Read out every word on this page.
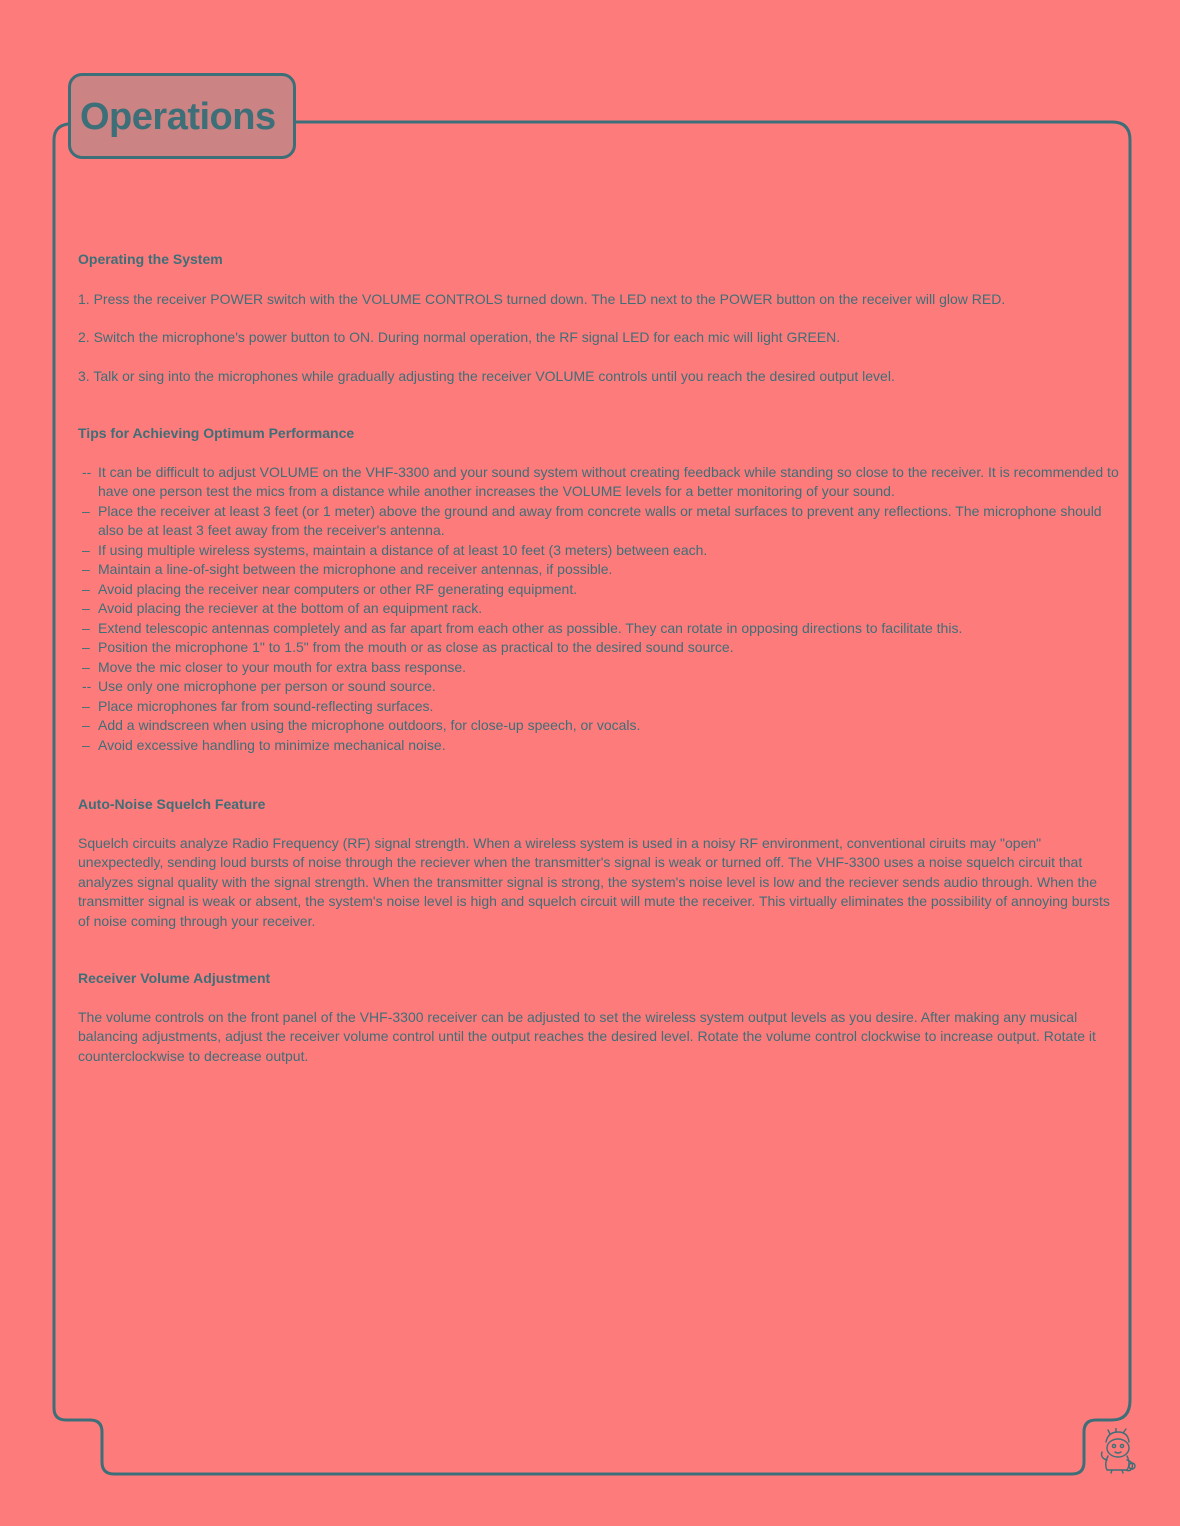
Operations
Operating the System
1. Press the receiver POWER switch with the VOLUME CONTROLS turned down. The LED next to the POWER button on the receiver will glow RED.
2. Switch the microphone's power button to ON. During normal operation, the RF signal LED for each mic will light GREEN.
3. Talk or sing into the microphones while gradually adjusting the receiver VOLUME controls until you reach the desired output level.
Tips for Achieving Optimum Performance
-- It can be difficult to adjust VOLUME on the VHF-3300 and your sound system without creating feedback while standing so close to the receiver. It is recommended to have one person test the mics from a distance while another increases the VOLUME levels for a better monitoring of your sound.
– Place the receiver at least 3 feet (or 1 meter) above the ground and away from concrete walls or metal surfaces to prevent any reflections. The microphone should also be at least 3 feet away from the receiver's antenna.
– If using multiple wireless systems, maintain a distance of at least 10 feet (3 meters) between each.
– Maintain a line-of-sight between the microphone and receiver antennas, if possible.
– Avoid placing the receiver near computers or other RF generating equipment.
– Avoid placing the reciever at the bottom of an equipment rack.
– Extend telescopic antennas completely and as far apart from each other as possible. They can rotate in opposing directions to facilitate this.
– Position the microphone 1" to 1.5" from the mouth or as close as practical to the desired sound source.
– Move the mic closer to your mouth for extra bass response.
-- Use only one microphone per person or sound source.
– Place microphones far from sound-reflecting surfaces.
– Add a windscreen when using the microphone outdoors, for close-up speech, or vocals.
– Avoid excessive handling to minimize mechanical noise.
Auto-Noise Squelch Feature
Squelch circuits analyze Radio Frequency (RF) signal strength. When a wireless system is used in a noisy RF environment, conventional ciruits may "open" unexpectedly, sending loud bursts of noise through the reciever when the transmitter's signal is weak or turned off. The VHF-3300 uses a noise squelch circuit that analyzes signal quality with the signal strength. When the transmitter signal is strong, the system's noise level is low and the reciever sends audio through. When the transmitter signal is weak or absent, the system's noise level is high and squelch circuit will mute the receiver. This virtually eliminates the possibility of annoying bursts of noise coming through your receiver.
Receiver Volume Adjustment
The volume controls on the front panel of the VHF-3300 receiver can be adjusted to set the wireless system output levels as you desire. After making any musical balancing adjustments, adjust the receiver volume control until the output reaches the desired level. Rotate the volume control clockwise to increase output. Rotate it counterclockwise to decrease output.
